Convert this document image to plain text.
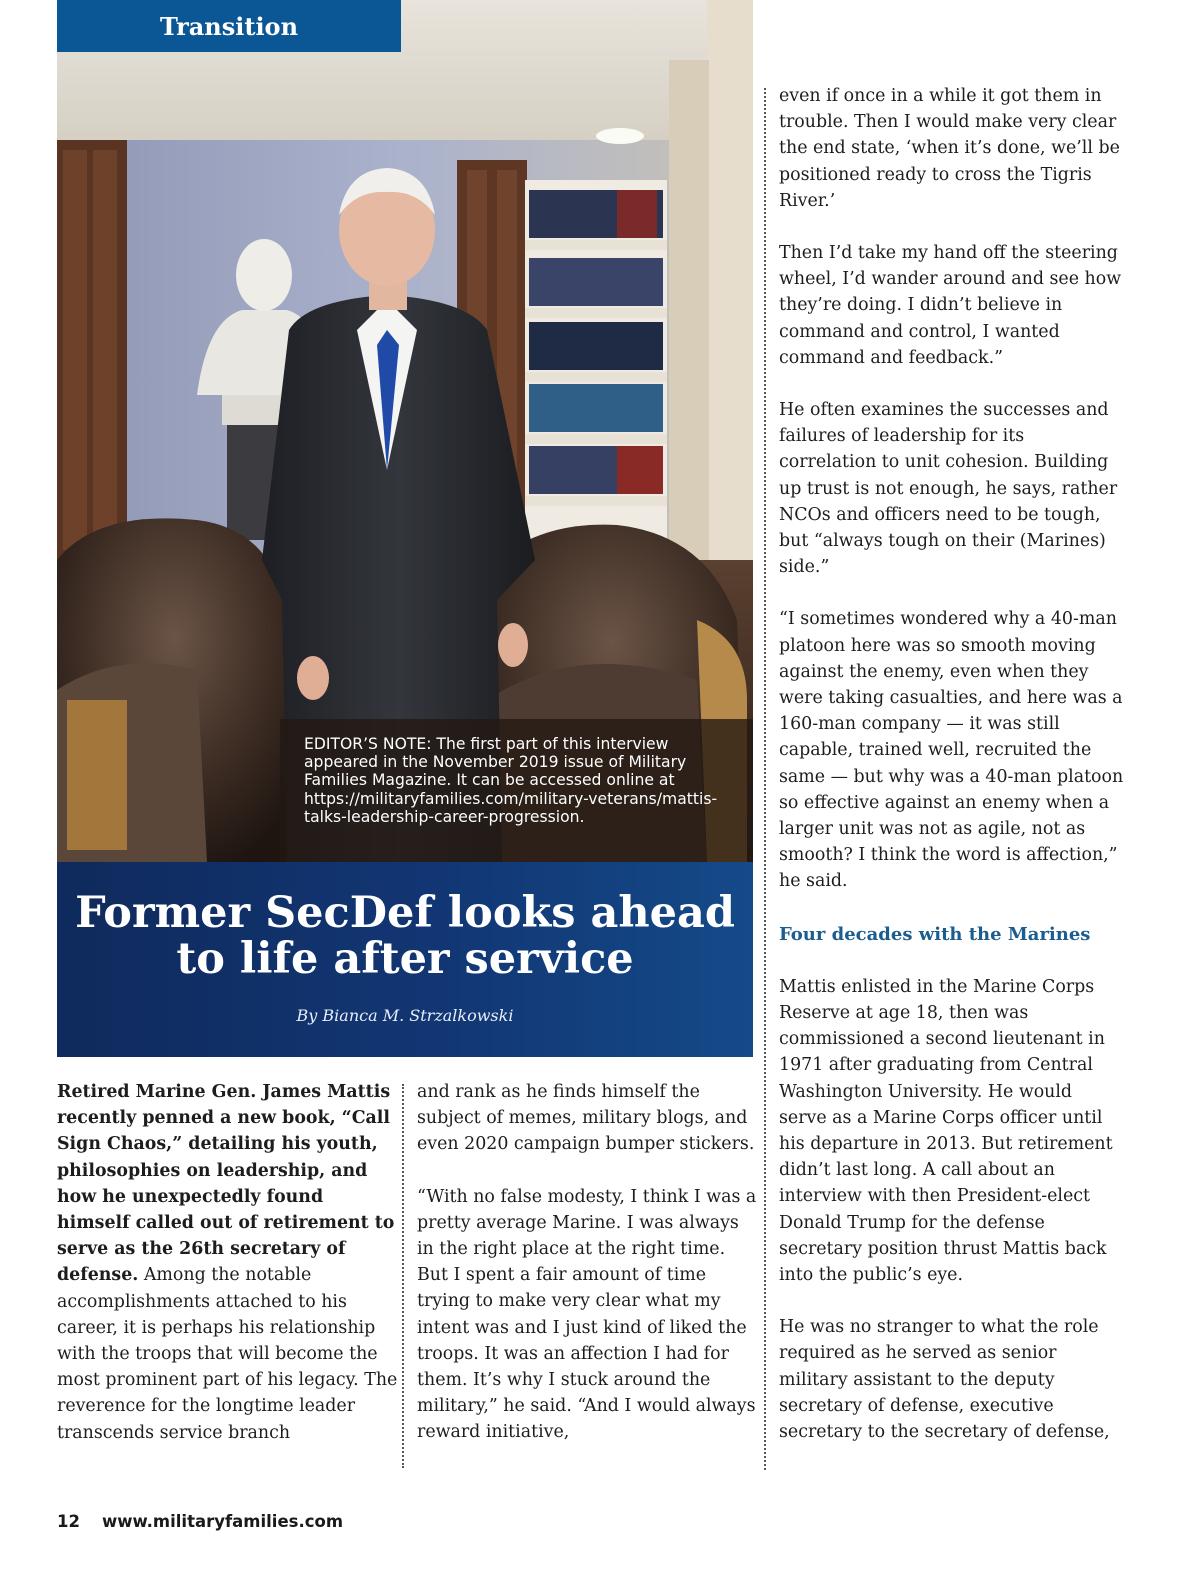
Transition
EDITOR’S NOTE: The first part of this interview appeared in the November 2019 issue of Military Families Magazine. It can be accessed online at https://militaryfamilies.com/military-veterans/mattis-talks-leadership-career-progression.
Former SecDef looks ahead
to life after service
By Bianca M. Strzalkowski

Retired Marine Gen. James Mattis recently penned a new book, “Call Sign Chaos,” detailing his youth, philosophies on leadership, and how he unexpectedly found himself called out of retirement to serve as the 26th secretary of defense. Among the notable accomplishments attached to his career, it is perhaps his relationship with the troops that will become the most prominent part of his legacy. The reverence for the longtime leader transcends service branch

and rank as he finds himself the subject of memes, military blogs, and even 2020 campaign bumper stickers.

“With no false modesty, I think I was a pretty average Marine. I was always in the right place at the right time. But I spent a fair amount of time trying to make very clear what my intent was and I just kind of liked the troops. It was an affection I had for them. It’s why I stuck around the military,” he said. “And I would always reward initiative,

even if once in a while it got them in trouble. Then I would make very clear the end state, ‘when it’s done, we’ll be positioned ready to cross the Tigris River.’

Then I’d take my hand off the steering wheel, I’d wander around and see how they’re doing. I didn’t believe in command and control, I wanted command and feedback.”

He often examines the successes and failures of leadership for its correlation to unit cohesion. Building up trust is not enough, he says, rather NCOs and officers need to be tough, but “always tough on their (Marines) side.”

“I sometimes wondered why a 40-man platoon here was so smooth moving against the enemy, even when they were taking casualties, and here was a 160-man company — it was still capable, trained well, recruited the same — but why was a 40-man platoon so effective against an enemy when a larger unit was not as agile, not as smooth? I think the word is affection,” he said.

Four decades with the Marines

Mattis enlisted in the Marine Corps Reserve at age 18, then was commissioned a second lieutenant in 1971 after graduating from Central Washington University. He would serve as a Marine Corps officer until his departure in 2013. But retirement didn’t last long. A call about an interview with then President-elect Donald Trump for the defense secretary position thrust Mattis back into the public’s eye.

He was no stranger to what the role required as he served as senior military assistant to the deputy secretary of defense, executive secretary to the secretary of defense,

12 www.militaryfamilies.com
